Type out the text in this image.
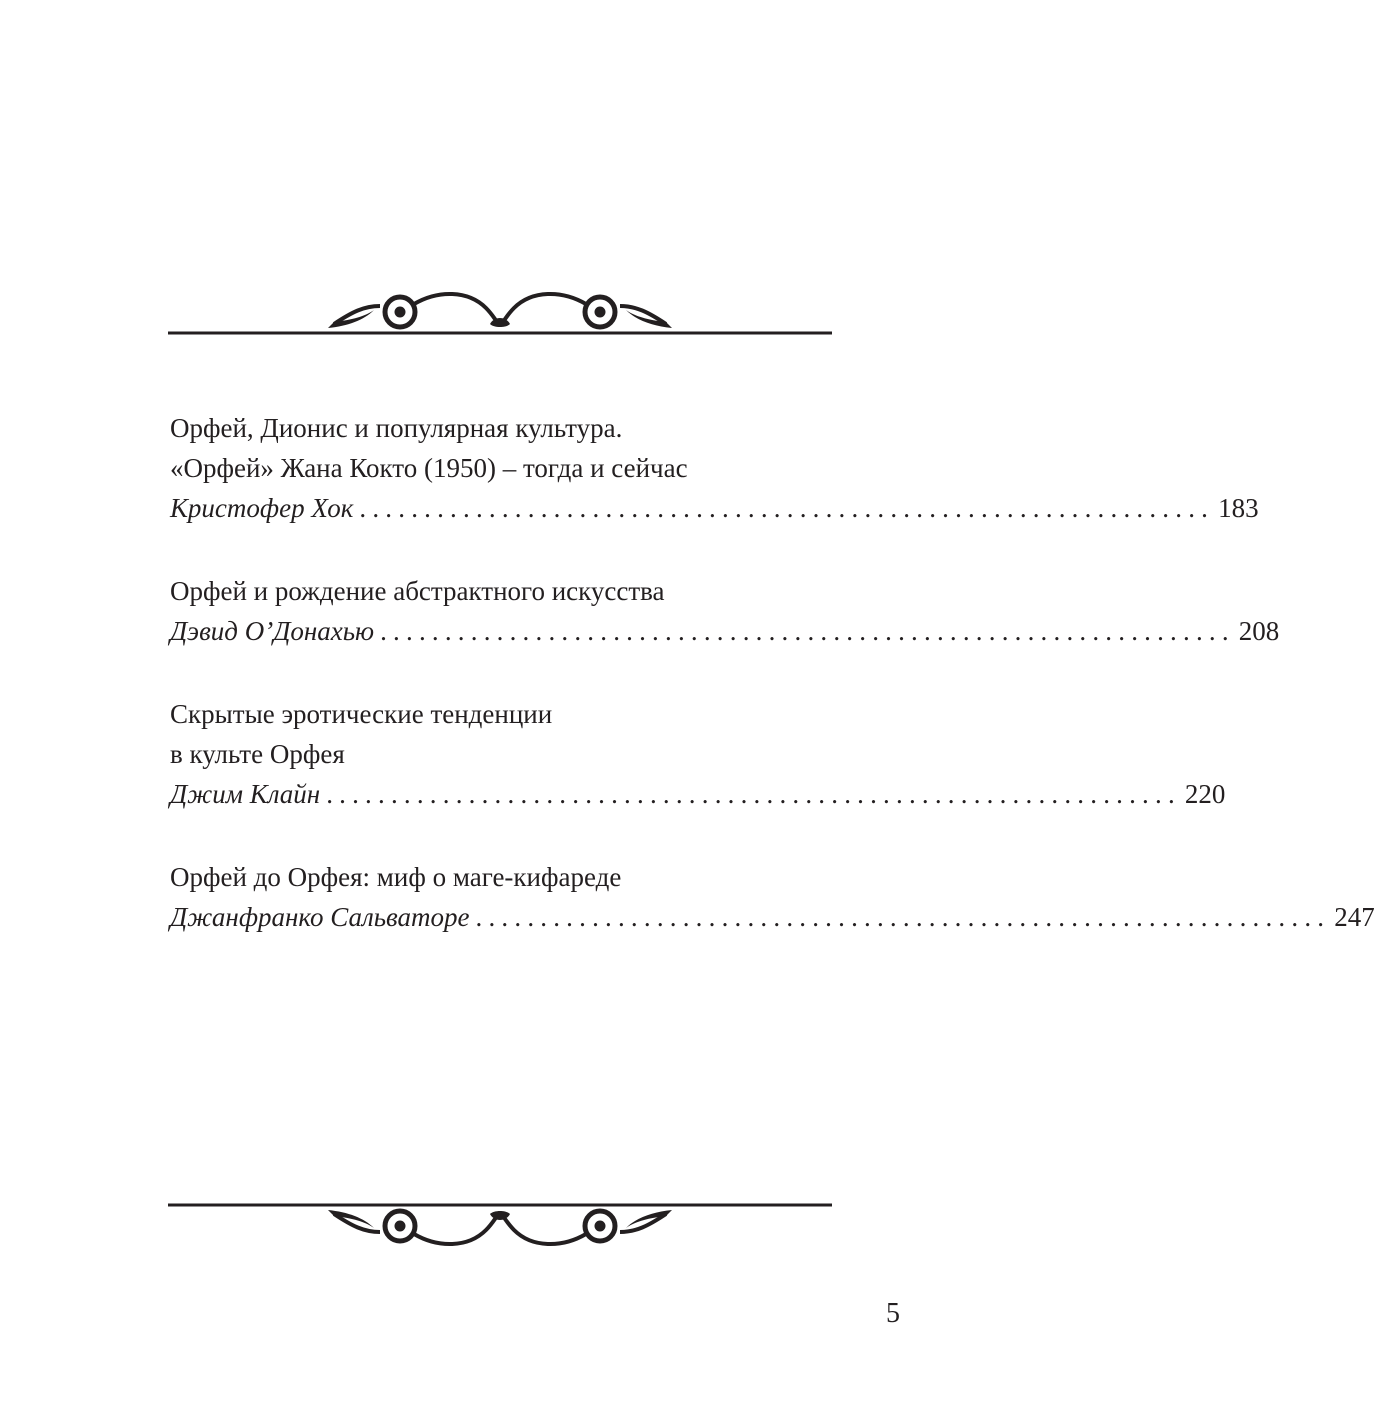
Орфей, Дионис и популярная культура.
«Орфей» Жана Кокто (1950) – тогда и сейчас
Кристофер Хок .................................................................. 183
Орфей и рождение абстрактного искусства
Дэвид О’Донахью .................................................................. 208
Скрытые эротические тенденции
в культе Орфея
Джим Клайн .................................................................. 220
Орфей до Орфея: миф о маге-кифареде
Джанфранко Сальваторе .................................................................. 247
5
